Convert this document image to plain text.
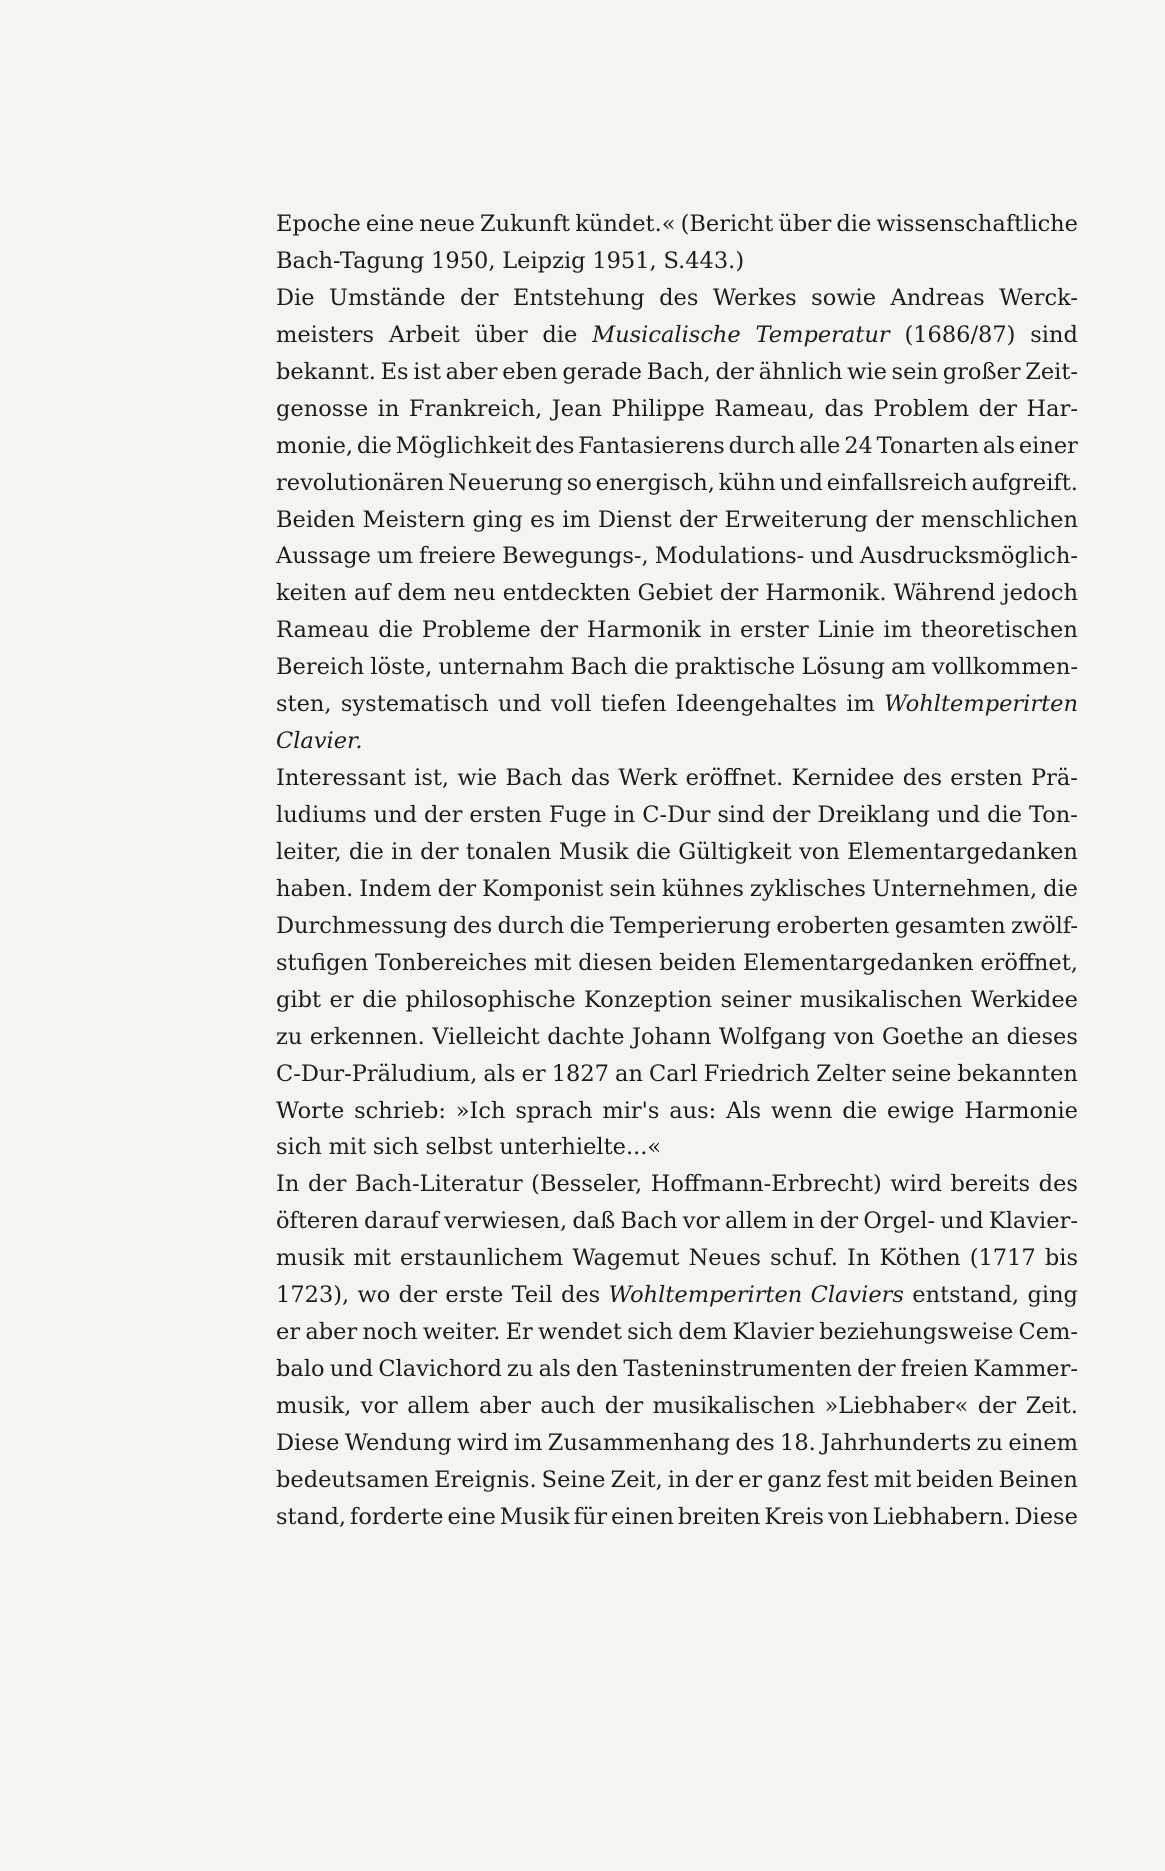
Epoche eine neue Zukunft kündet.« (Bericht über die wissenschaftliche
Bach-Tagung 1950, Leipzig 1951, S.443.)
Die Umstände der Entstehung des Werkes sowie Andreas Werck-
meisters Arbeit über die Musicalische Temperatur (1686/87) sind
bekannt. Es ist aber eben gerade Bach, der ähnlich wie sein großer Zeit-
genosse in Frankreich, Jean Philippe Rameau, das Problem der Har-
monie, die Möglichkeit des Fantasierens durch alle 24 Tonarten als einer
revolutionären Neuerung so energisch, kühn und einfallsreich aufgreift.
Beiden Meistern ging es im Dienst der Erweiterung der menschlichen
Aussage um freiere Bewegungs-, Modulations- und Ausdrucksmöglich-
keiten auf dem neu entdeckten Gebiet der Harmonik. Während jedoch
Rameau die Probleme der Harmonik in erster Linie im theoretischen
Bereich löste, unternahm Bach die praktische Lösung am vollkommen-
sten, systematisch und voll tiefen Ideengehaltes im Wohltemperirten
Clavier.
Interessant ist, wie Bach das Werk eröffnet. Kernidee des ersten Prä-
ludiums und der ersten Fuge in C-Dur sind der Dreiklang und die Ton-
leiter, die in der tonalen Musik die Gültigkeit von Elementargedanken
haben. Indem der Komponist sein kühnes zyklisches Unternehmen, die
Durchmessung des durch die Temperierung eroberten gesamten zwölf-
stufigen Tonbereiches mit diesen beiden Elementargedanken eröffnet,
gibt er die philosophische Konzeption seiner musikalischen Werkidee
zu erkennen. Vielleicht dachte Johann Wolfgang von Goethe an dieses
C-Dur-Präludium, als er 1827 an Carl Friedrich Zelter seine bekannten
Worte schrieb: »Ich sprach mir's aus: Als wenn die ewige Harmonie
sich mit sich selbst unterhielte...«
In der Bach-Literatur (Besseler, Hoffmann-Erbrecht) wird bereits des
öfteren darauf verwiesen, daß Bach vor allem in der Orgel- und Klavier-
musik mit erstaunlichem Wagemut Neues schuf. In Köthen (1717 bis
1723), wo der erste Teil des Wohltemperirten Claviers entstand, ging
er aber noch weiter. Er wendet sich dem Klavier beziehungsweise Cem-
balo und Clavichord zu als den Tasteninstrumenten der freien Kammer-
musik, vor allem aber auch der musikalischen »Liebhaber« der Zeit.
Diese Wendung wird im Zusammenhang des 18. Jahrhunderts zu einem
bedeutsamen Ereignis. Seine Zeit, in der er ganz fest mit beiden Beinen
stand, forderte eine Musik für einen breiten Kreis von Liebhabern. Diese
